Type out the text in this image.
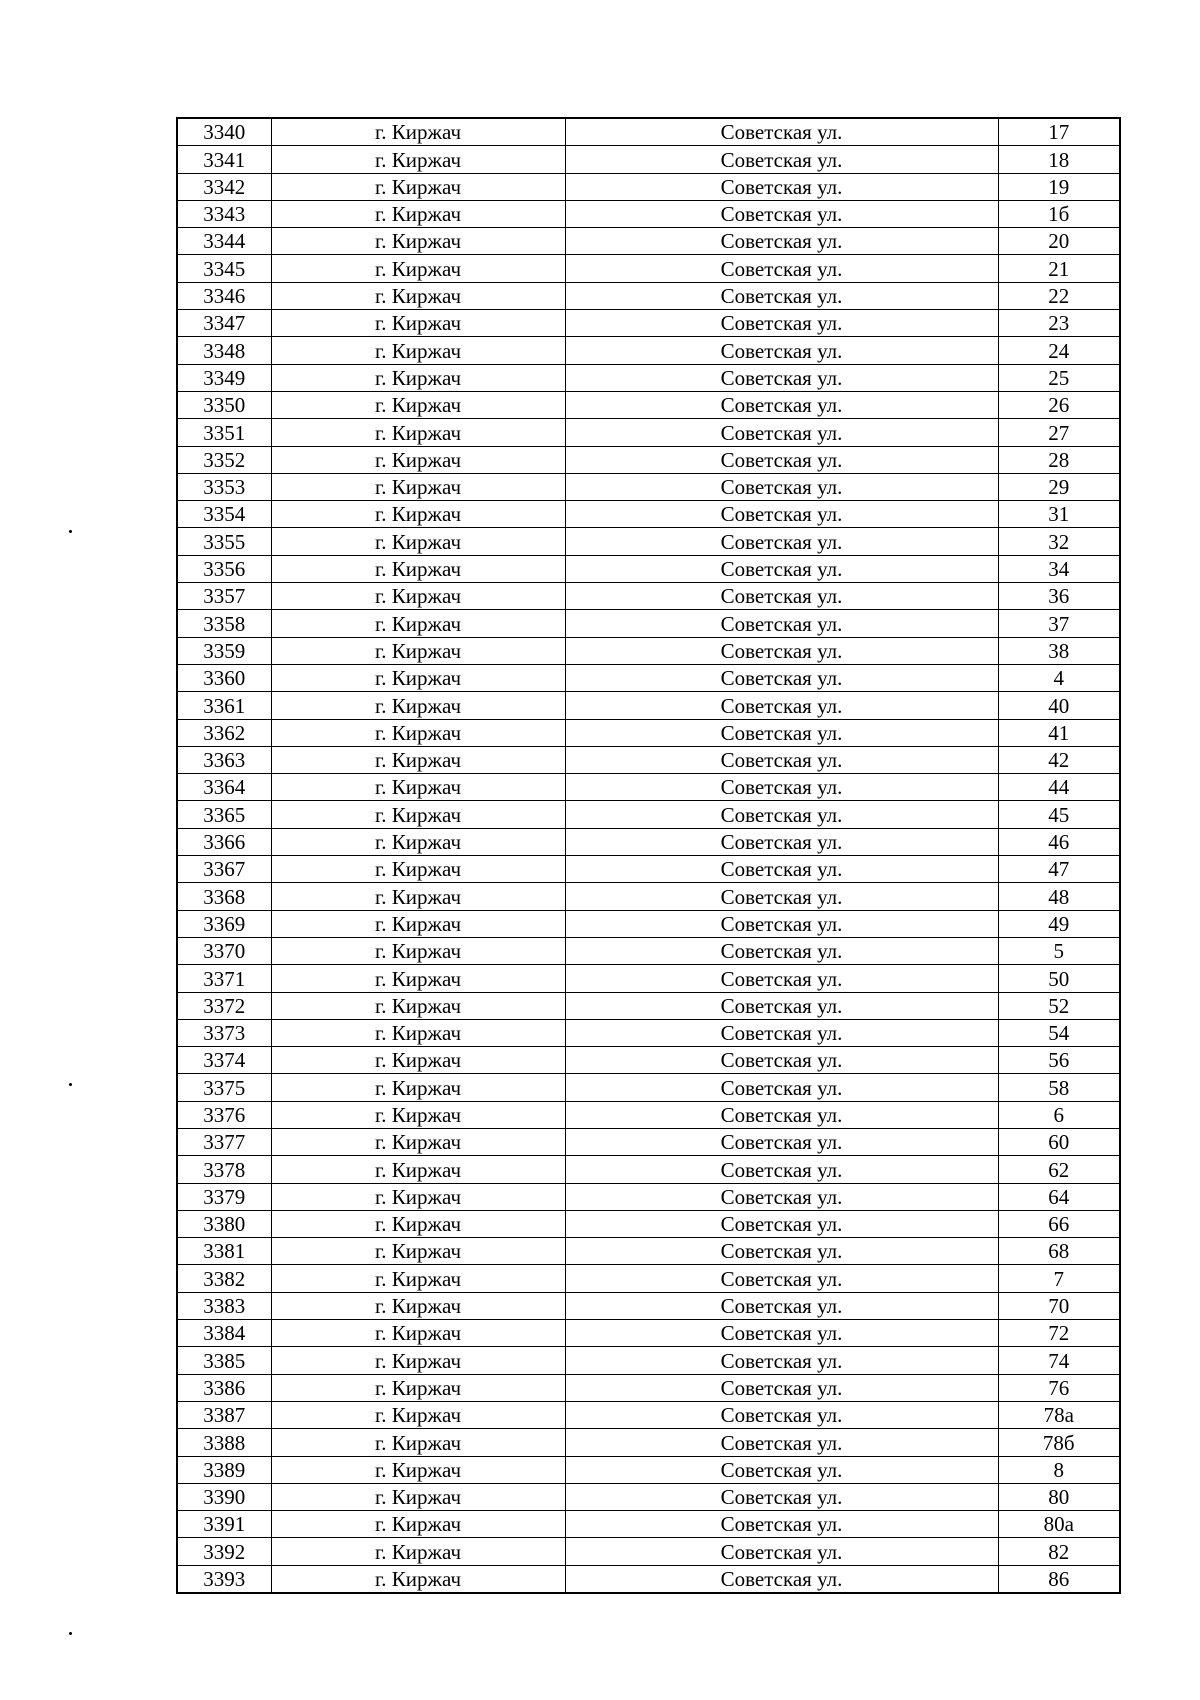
3340	г. Киржач	Советская ул.	17
3341	г. Киржач	Советская ул.	18
3342	г. Киржач	Советская ул.	19
3343	г. Киржач	Советская ул.	1б
3344	г. Киржач	Советская ул.	20
3345	г. Киржач	Советская ул.	21
3346	г. Киржач	Советская ул.	22
3347	г. Киржач	Советская ул.	23
3348	г. Киржач	Советская ул.	24
3349	г. Киржач	Советская ул.	25
3350	г. Киржач	Советская ул.	26
3351	г. Киржач	Советская ул.	27
3352	г. Киржач	Советская ул.	28
3353	г. Киржач	Советская ул.	29
3354	г. Киржач	Советская ул.	31
3355	г. Киржач	Советская ул.	32
3356	г. Киржач	Советская ул.	34
3357	г. Киржач	Советская ул.	36
3358	г. Киржач	Советская ул.	37
3359	г. Киржач	Советская ул.	38
3360	г. Киржач	Советская ул.	4
3361	г. Киржач	Советская ул.	40
3362	г. Киржач	Советская ул.	41
3363	г. Киржач	Советская ул.	42
3364	г. Киржач	Советская ул.	44
3365	г. Киржач	Советская ул.	45
3366	г. Киржач	Советская ул.	46
3367	г. Киржач	Советская ул.	47
3368	г. Киржач	Советская ул.	48
3369	г. Киржач	Советская ул.	49
3370	г. Киржач	Советская ул.	5
3371	г. Киржач	Советская ул.	50
3372	г. Киржач	Советская ул.	52
3373	г. Киржач	Советская ул.	54
3374	г. Киржач	Советская ул.	56
3375	г. Киржач	Советская ул.	58
3376	г. Киржач	Советская ул.	6
3377	г. Киржач	Советская ул.	60
3378	г. Киржач	Советская ул.	62
3379	г. Киржач	Советская ул.	64
3380	г. Киржач	Советская ул.	66
3381	г. Киржач	Советская ул.	68
3382	г. Киржач	Советская ул.	7
3383	г. Киржач	Советская ул.	70
3384	г. Киржач	Советская ул.	72
3385	г. Киржач	Советская ул.	74
3386	г. Киржач	Советская ул.	76
3387	г. Киржач	Советская ул.	78а
3388	г. Киржач	Советская ул.	78б
3389	г. Киржач	Советская ул.	8
3390	г. Киржач	Советская ул.	80
3391	г. Киржач	Советская ул.	80а
3392	г. Киржач	Советская ул.	82
3393	г. Киржач	Советская ул.	86
